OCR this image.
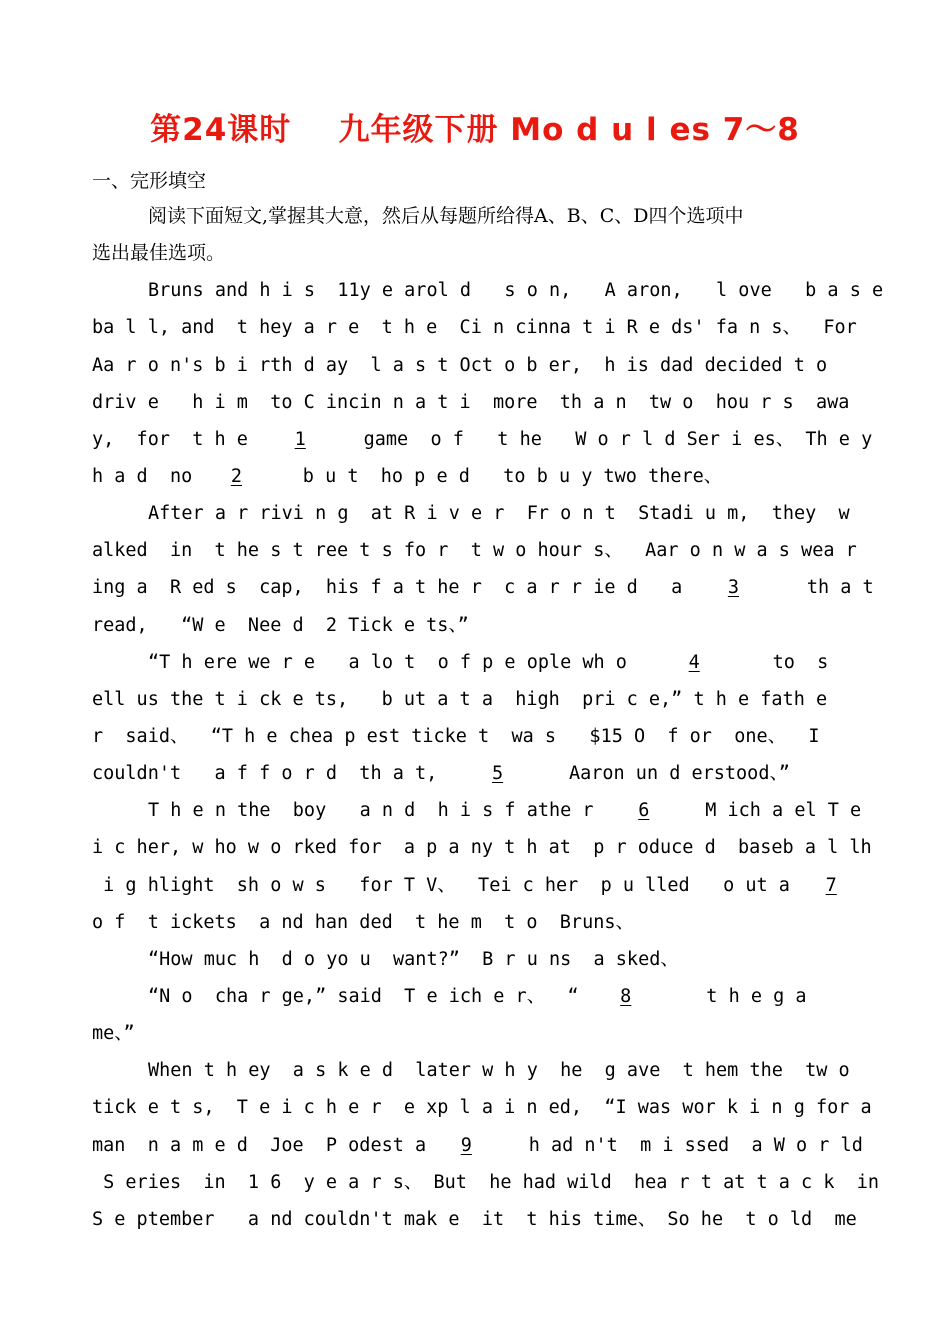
第24课时    九年级下册 Mo d u l es 7～8
一、完形填空
阅读下面短文,掌握其大意，然后从每题所给得A、B、C、D四个选项中
选出最佳选项。
Bruns and h i s  11y e arol d   s o n,   A aron,   l ove   b a s e
ba l l, and  t hey a r e  t h e  Ci n cinna t i R e ds' fa n s、  For
Aa r o n's b i rth d ay  l a s t Oct o b er,  h is dad decided t o
driv e   h i m  to C incin n a t i  more  th a n  tw o  hou r s  awa
y,  for  t h e  1   game  o f   t he   W o r l d Ser i es、 Th e y
h a d  no 2   b u t  ho p e d   to b u y two there、
After a r rivi n g  at R i v e r  Fr o n t  Stadi u m,  they  w
alked  in  t he s t ree t s fo r  t w o hour s、  Aar o n w a s wea r
ing a  R ed s  cap,  his f a t he r  c a r r ie d   a 3   th a t
read,   “W e  Nee d  2 Tick e ts、”
“T h ere we r e   a lo t  o f p e ople wh o  4   to  s
ell us the t i ck e ts,   b ut a t a  high  pri c e,” t h e fath e
r  said、  “T h e chea p est ticke t  wa s   $15 O  f or  one、  I
couldn't   a f f o r d  th a t,  5   Aaron un d erstood、”
T h e n the  boy   a n d  h i s f athe r  6   M ich a el T e
i c her, w ho w o rked for  a p a ny t h at  p r oduce d  baseb a l lh
i g hlight  sh o w s   for T V、  Tei c her  p u lled   o ut a  7
o f  t ickets  a nd han ded  t he m  t o  Bruns、
“How muc h  d o yo u  want?”  B r u ns  a sked、
“N o  cha r ge,” said  T e ich e r、  “ 8    t h e g a
me、”
When t h ey  a s k e d  later w h y  he  g ave  t hem the  tw o
tick e t s,  T e i c h e r  e xp l a i n ed,  “I was wor k i n g for a
man  n a m e d  Joe  P odest a 9   h ad n't  m i ssed  a W o r ld
S eries  in  1 6  y e a r s、 But  he had wild  hea r t at t a c k  in
S e ptember   a nd couldn't mak e  it  t his time、 So he  t o ld  me
